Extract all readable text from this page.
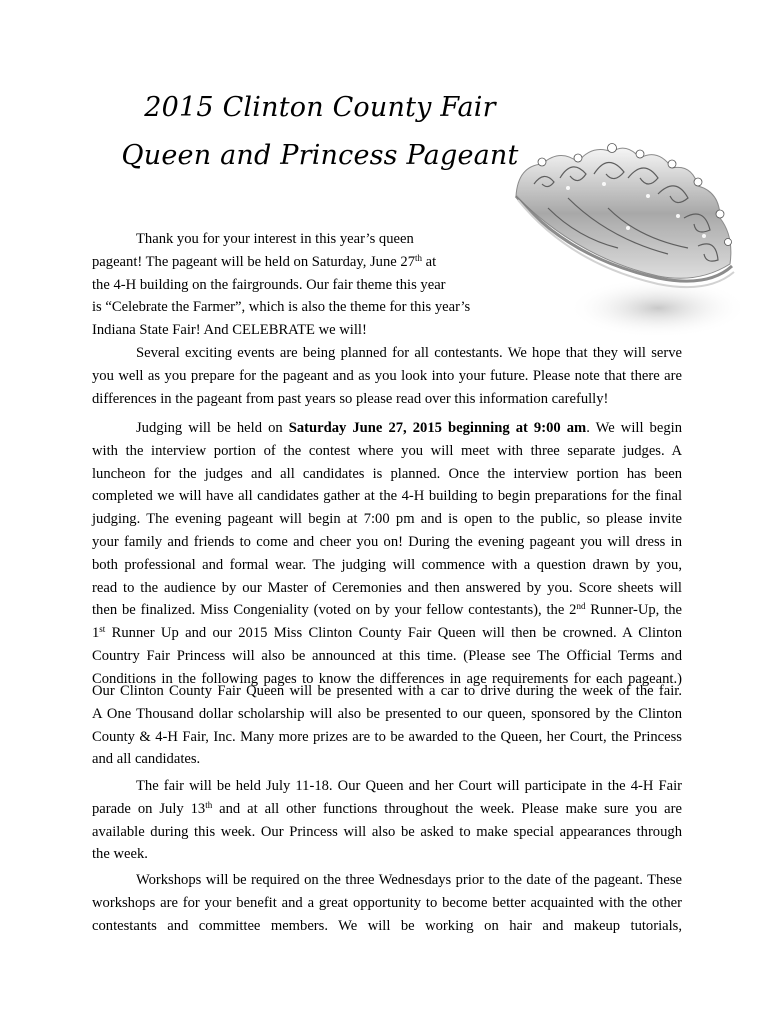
2015 Clinton County Fair
Queen and Princess Pageant
Thank you for your interest in this year’s queen
pageant! The pageant will be held on Saturday, June 27th at
the 4-H building on the fairgrounds. Our fair theme this year
is “Celebrate the Farmer”, which is also the theme for this year’s
Indiana State Fair! And CELEBRATE we will!
Several exciting events are being planned for all contestants. We hope that they will serve
you well as you prepare for the pageant and as you look into your future. Please note that there are
differences in the pageant from past years so please read over this information carefully!
Judging will be held on Saturday June 27, 2015 beginning at 9:00 am. We will begin
with the interview portion of the contest where you will meet with three separate judges. A
luncheon for the judges and all candidates is planned. Once the interview portion has been
completed we will have all candidates gather at the 4-H building to begin preparations for the final
judging. The evening pageant will begin at 7:00 pm and is open to the public, so please invite
your family and friends to come and cheer you on! During the evening pageant you will dress in
both professional and formal wear. The judging will commence with a question drawn by you,
read to the audience by our Master of Ceremonies and then answered by you. Score sheets will
then be finalized. Miss Congeniality (voted on by your fellow contestants), the 2nd Runner-Up, the
1st Runner Up and our 2015 Miss Clinton County Fair Queen will then be crowned. A Clinton
Country Fair Princess will also be announced at this time. (Please see The Official Terms and
Conditions in the following pages to know the differences in age requirements for each pageant.)
Our Clinton County Fair Queen will be presented with a car to drive during the week of the fair.
A One Thousand dollar scholarship will also be presented to our queen, sponsored by the Clinton
County & 4-H Fair, Inc. Many more prizes are to be awarded to the Queen, her Court, the Princess
and all candidates.
The fair will be held July 11-18. Our Queen and her Court will participate in the 4-H Fair
parade on July 13th and at all other functions throughout the week. Please make sure you are
available during this week. Our Princess will also be asked to make special appearances through
the week.
Workshops will be required on the three Wednesdays prior to the date of the pageant. These
workshops are for your benefit and a great opportunity to become better acquainted with the other
contestants and committee members. We will be working on hair and makeup tutorials,
